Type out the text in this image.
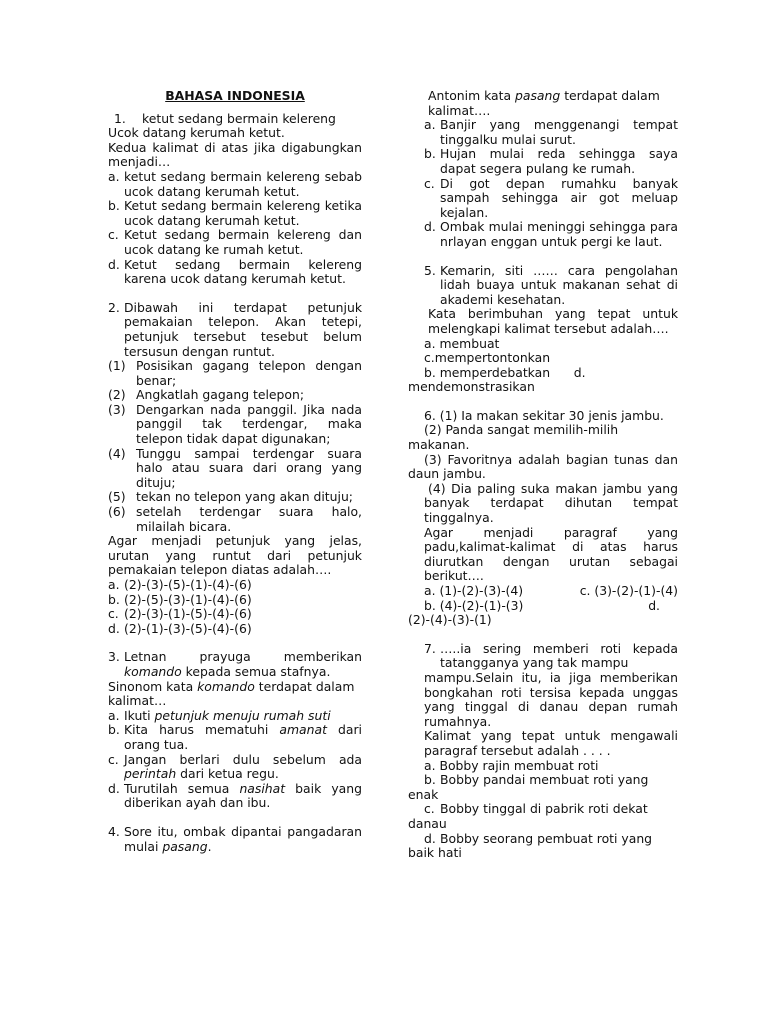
BAHASA INDONESIA
1.	ketut sedang bermain kelereng
Ucok datang kerumah ketut.
Kedua kalimat di atas jika digabungkan menjadi…
a. ketut sedang bermain kelereng sebab ucok datang kerumah ketut.
b. Ketut sedang bermain kelereng ketika ucok datang kerumah ketut.
c. Ketut sedang bermain kelereng dan ucok datang ke rumah ketut.
d. Ketut sedang bermain kelereng karena ucok datang kerumah ketut.
2. Dibawah ini terdapat petunjuk pemakaian telepon. Akan tetepi, petunjuk tersebut tesebut belum tersusun dengan runtut.
(1) Posisikan gagang telepon dengan benar;
(2) Angkatlah gagang telepon;
(3) Dengarkan nada panggil. Jika nada panggil tak terdengar, maka telepon tidak dapat digunakan;
(4) Tunggu sampai terdengar suara halo atau suara dari orang yang dituju;
(5) tekan no telepon yang akan dituju;
(6) setelah terdengar suara halo, milailah bicara.
Agar menjadi petunjuk yang jelas, urutan yang runtut dari petunjuk pemakaian telepon diatas adalah….
a. (2)-(3)-(5)-(1)-(4)-(6)
b. (2)-(5)-(3)-(1)-(4)-(6)
c. (2)-(3)-(1)-(5)-(4)-(6)
d. (2)-(1)-(3)-(5)-(4)-(6)
3. Letnan prayuga memberikan komando kepada semua stafnya.
Sinonom kata komando terdapat dalam kalimat…
a. Ikuti petunjuk menuju rumah suti
b. Kita harus mematuhi amanat dari orang tua.
c. Jangan berlari dulu sebelum ada perintah dari ketua regu.
d. Turutilah semua nasihat baik yang diberikan ayah dan ibu.
4. Sore itu, ombak dipantai pangadaran mulai pasang.
Antonim kata pasang terdapat dalam kalimat….
a. Banjir yang menggenangi tempat tinggalku mulai surut.
b. Hujan mulai reda sehingga saya dapat segera pulang ke rumah.
c. Di got depan rumahku banyak sampah sehingga air got meluap kejalan.
d. Ombak mulai meninggi sehingga para nrlayan enggan untuk pergi ke laut.
5. Kemarin, siti …… cara pengolahan lidah buaya untuk makanan sehat di akademi kesehatan.
Kata berimbuhan yang tepat untuk melengkapi kalimat tersebut adalah….
a. membuat
c.mempertontonkan
b. memperdebatkan d.
mendemonstrasikan
6. (1) Ia makan sekitar 30 jenis jambu.
(2) Panda sangat memilih-milih
makanan.
(3) Favoritnya adalah bagian tunas dan daun jambu.
(4) Dia paling suka makan jambu yang banyak terdapat dihutan tempat tinggalnya.
Agar menjadi paragraf yang padu,kalimat-kalimat di atas harus diurutkan dengan urutan sebagai berikut….
a. (1)-(2)-(3)-(4)	c. (3)-(2)-(1)-(4)
b. (4)-(2)-(1)-(3)	d.
(2)-(4)-(3)-(1)
7. …..ia sering memberi roti kepada tatangganya yang tak mampu
mampu.Selain itu, ia jiga memberikan bongkahan roti tersisa kepada unggas yang tinggal di danau depan rumah rumahnya.
Kalimat yang tepat untuk mengawali paragraf tersebut adalah . . . .
a. Bobby rajin membuat roti
b. Bobby pandai membuat roti yang
enak
c. Bobby tinggal di pabrik roti dekat
danau
d. Bobby seorang pembuat roti yang
baik hati
